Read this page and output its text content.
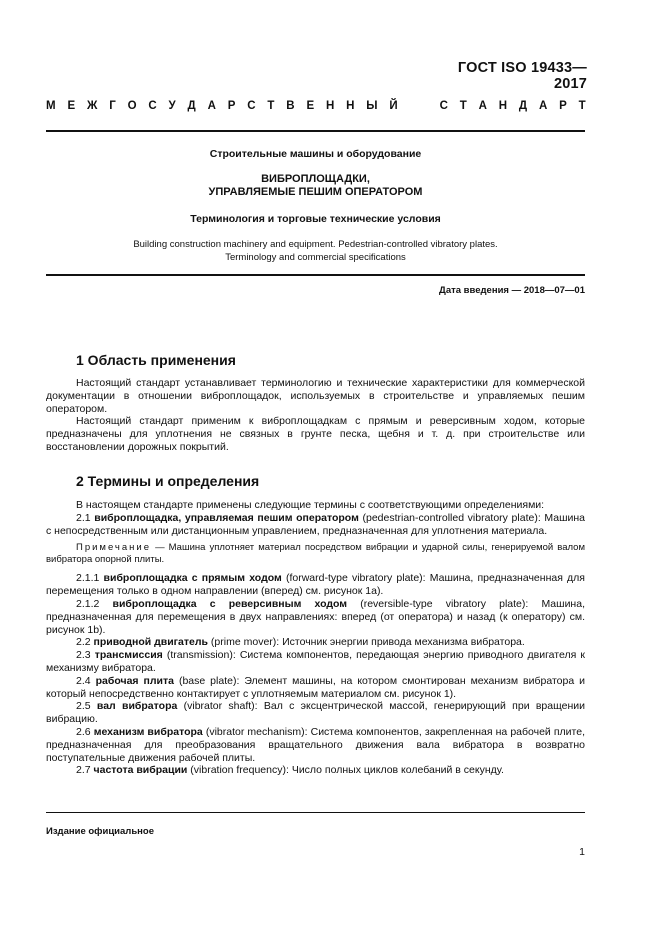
ГОСТ ISO 19433—2017
М Е Ж Г О С У Д А Р С Т В Е Н Н Ы Й

	С Т А Н Д А Р Т
Строительные машины и оборудование
ВИБРОПЛОЩАДКИ,
УПРАВЛЯЕМЫЕ ПЕШИМ ОПЕРАТОРОМ
Терминология и торговые технические условия
Building construction machinery and equipment. Pedestrian-controlled vibratory plates.
Terminology and commercial specifications
Дата введения — 2018—07—01
1 Область применения

Настоящий стандарт устанавливает терминологию и технические характеристики для коммерческой документации в отношении виброплощадок, используемых в строительстве и управляемых пешим оператором.

Настоящий стандарт применим к виброплощадкам с прямым и реверсивным ходом, которые предназначены для уплотнения не связных в грунте песка, щебня и т. д. при строительстве или восстановлении дорожных покрытий.

2 Термины и определения

В настоящем стандарте применены следующие термины с соответствующими определениями:

2.1 виброплощадка, управляемая пешим оператором (pedestrian-controlled vibratory plate): Машина с непосредственным или дистанционным управлением, предназначенная для уплотнения материала.

Примечание — Машина уплотняет материал посредством вибрации и ударной силы, генерируемой валом вибратора опорной плиты.

2.1.1 виброплощадка с прямым ходом (forward-type vibratory plate): Машина, предназначенная для перемещения только в одном направлении (вперед) см. рисунок 1а).

2.1.2 виброплощадка с реверсивным ходом (reversible-type vibratory plate): Машина, предназначенная для перемещения в двух направлениях: вперед (от оператора) и назад (к оператору) см. рисунок 1b).

2.2 приводной двигатель (prime mover): Источник энергии привода механизма вибратора.

2.3 трансмиссия (transmission): Система компонентов, передающая энергию приводного двигателя к механизму вибратора.

2.4 рабочая плита (base plate): Элемент машины, на котором смонтирован механизм вибратора и который непосредственно контактирует с уплотняемым материалом см. рисунок 1).

2.5 вал вибратора (vibrator shaft): Вал с эксцентрической массой, генерирующий при вращении вибрацию.

2.6 механизм вибратора (vibrator mechanism): Система компонентов, закрепленная на рабочей плите, предназначенная для преобразования вращательного движения вала вибратора в возвратно поступательные движения рабочей плиты.

2.7 частота вибрации (vibration frequency): Число полных циклов колебаний в секунду.

Издание официальное
1
